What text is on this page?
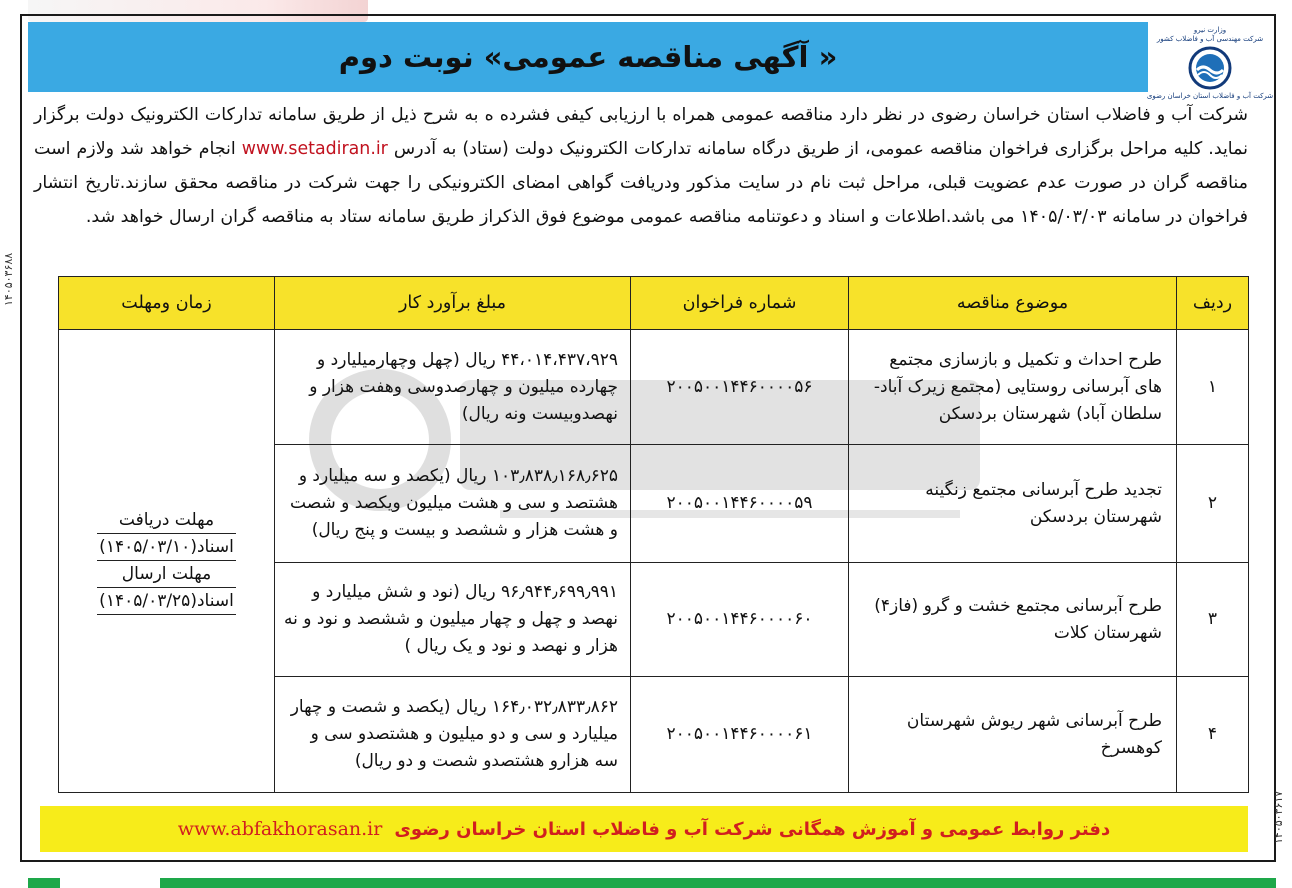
۱۴۰۵۰۳۶۸۸
۱۴۰۵۰۳۶۱۷
« آگهی مناقصه عمومی» نوبت دوم
وزارت نیرو
شرکت مهندسی آب و فاضلاب کشور
شرکت آب و فاضلاب استان خراسان رضوی
شرکت آب و فاضلاب استان خراسان رضوی در نظر دارد مناقصه عمومی همراه با ارزیابی کیفی فشرده ه به شرح ذیل از طریق سامانه تدارکات الکترونیک دولت برگزار نماید. کلیه مراحل برگزاری فراخوان مناقصه عمومی، از طریق درگاه سامانه تدارکات الکترونیک دولت (ستاد) به آدرس www.setadiran.ir انجام خواهد شد ولازم است مناقصه گران در صورت عدم عضویت قبلی، مراحل ثبت نام در سایت مذکور ودریافت گواهی امضای الکترونیکی را جهت شرکت در مناقصه محقق سازند.تاریخ انتشار فراخوان در سامانه ۱۴۰۵/۰۳/۰۳ می باشد.اطلاعات و اسناد و دعوتنامه مناقصه عمومی موضوع فوق الذکراز طریق سامانه ستاد به مناقصه گران ارسال خواهد شد.
ردیف	موضوع مناقصه	شماره فراخوان	مبلغ برآورد کار	زمان ومهلت
۱	طرح احداث و تکمیل و بازسازی مجتمع های آبرسانی روستایی (مجتمع زیرک آباد-سلطان آباد) شهرستان بردسکن	۲۰۰۵۰۰۱۴۴۶۰۰۰۰۵۶	۴۴،۰۱۴،۴۳۷،۹۲۹ ریال (چهل وچهارمیلیارد و چهارده میلیون و چهارصدوسی وهفت هزار و نهصدوبیست ونه ریال)	مهلت دریافت
اسناد(۱۴۰۵/۰۳/۱۰)
مهلت ارسال
اسناد(۱۴۰۵/۰۳/۲۵)

۲	تجدید طرح آبرسانی مجتمع زنگینه شهرستان بردسکن	۲۰۰۵۰۰۱۴۴۶۰۰۰۰۵۹	۱۰۳٫۸۳۸٫۱۶۸٫۶۲۵ ریال (یکصد و سه میلیارد و هشتصد و سی و هشت میلیون ویکصد و شصت و هشت هزار و ششصد و بیست و پنج ریال)	
۳	طرح آبرسانی مجتمع خشت و گرو (فاز۴) شهرستان کلات	۲۰۰۵۰۰۱۴۴۶۰۰۰۰۶۰	۹۶٫۹۴۴٫۶۹۹٫۹۹۱ ریال (نود و شش میلیارد و نهصد و چهل و چهار میلیون و ششصد و نود و نه هزار و نهصد و نود و یک ریال )	
۴	طرح آبرسانی شهر ریوش شهرستان کوهسرخ	۲۰۰۵۰۰۱۴۴۶۰۰۰۰۶۱	۱۶۴٫۰۳۲٫۸۳۳٫۸۶۲ ریال (یکصد و شصت و چهار میلیارد و سی و دو میلیون و هشتصدو سی و سه هزارو هشتصدو شصت و دو ریال)	
دفتر روابط عمومی و آموزش همگانی شرکت آب و فاضلاب استان خراسان رضوی
www.abfakhorasan.ir
